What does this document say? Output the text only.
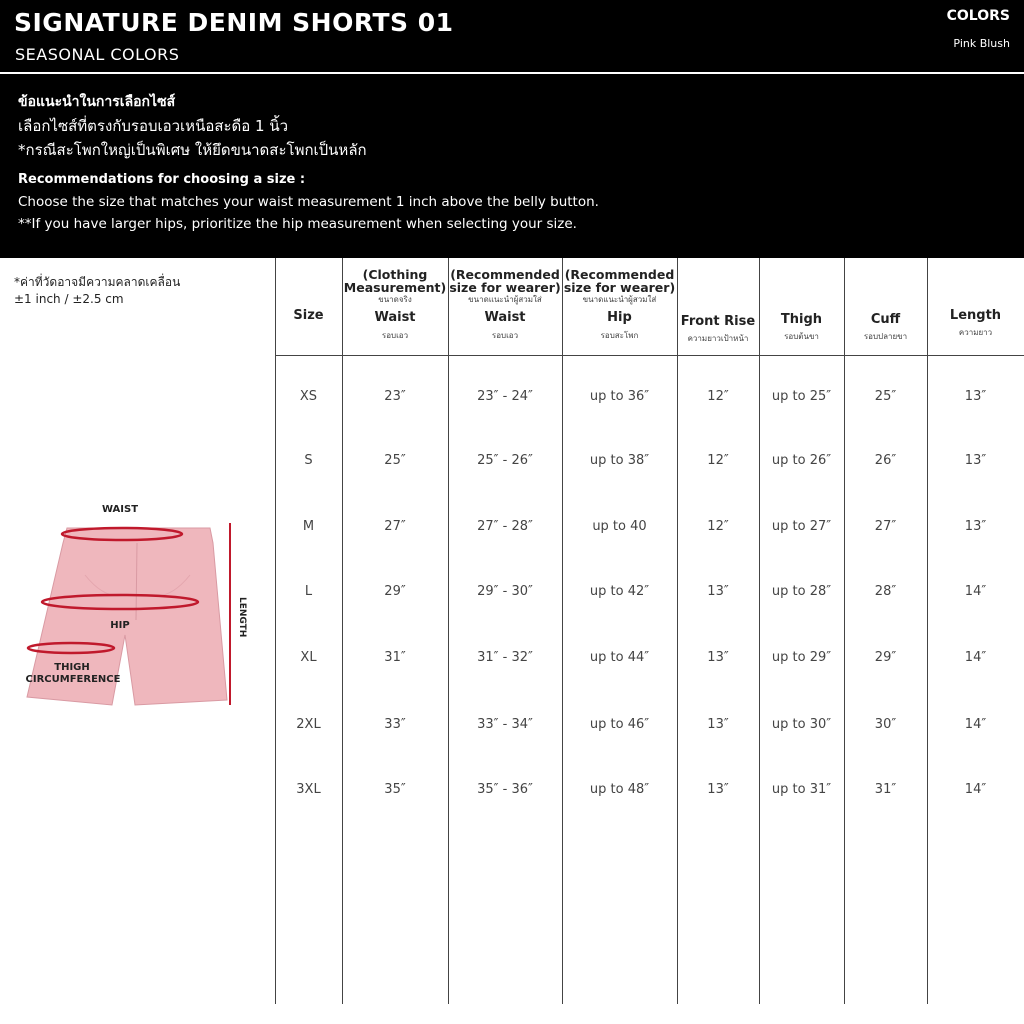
SIGNATURE DENIM SHORTS 01
SEASONAL COLORS
COLORS
Pink Blush
ข้อแนะนำในการเลือกไซส์
เลือกไซส์ที่ตรงกับรอบเอวเหนือสะดือ 1 นิ้ว
*กรณีสะโพกใหญ่เป็นพิเศษ ให้ยึดขนาดสะโพกเป็นหลัก
Recommendations for choosing a size :
Choose the size that matches your waist measurement 1 inch above the belly button.
**If you have larger hips, prioritize the hip measurement when selecting your size.
*ค่าที่วัดอาจมีความคลาดเคลื่อน
±1 inch / ±2.5 cm
WAIST
HIP
THIGH
CIRCUMFERENCE
LENGTH
Size
(Clothing
Measurement)
ขนาดจริง
Waist
รอบเอว
(Recommended
size for wearer)
ขนาดแนะนำผู้สวมใส่
Waist
รอบเอว
(Recommended
size for wearer)
ขนาดแนะนำผู้สวมใส่
Hip
รอบสะโพก
Front Rise
ความยาวเป้าหน้า
Thigh
รอบต้นขา
Cuff
รอบปลายขา
Length
ความยาว
XS	23″	23″ - 24″	up to 36″	12″	up to 25″	25″	13″
S	25″	25″ - 26″	up to 38″	12″	up to 26″	26″	13″
M	27″	27″ - 28″	up to 40	12″	up to 27″	27″	13″
L	29″	29″ - 30″	up to 42″	13″	up to 28″	28″	14″
XL	31″	31″ - 32″	up to 44″	13″	up to 29″	29″	14″
2XL	33″	33″ - 34″	up to 46″	13″	up to 30″	30″	14″
3XL	35″	35″ - 36″	up to 48″	13″	up to 31″	31″	14″
